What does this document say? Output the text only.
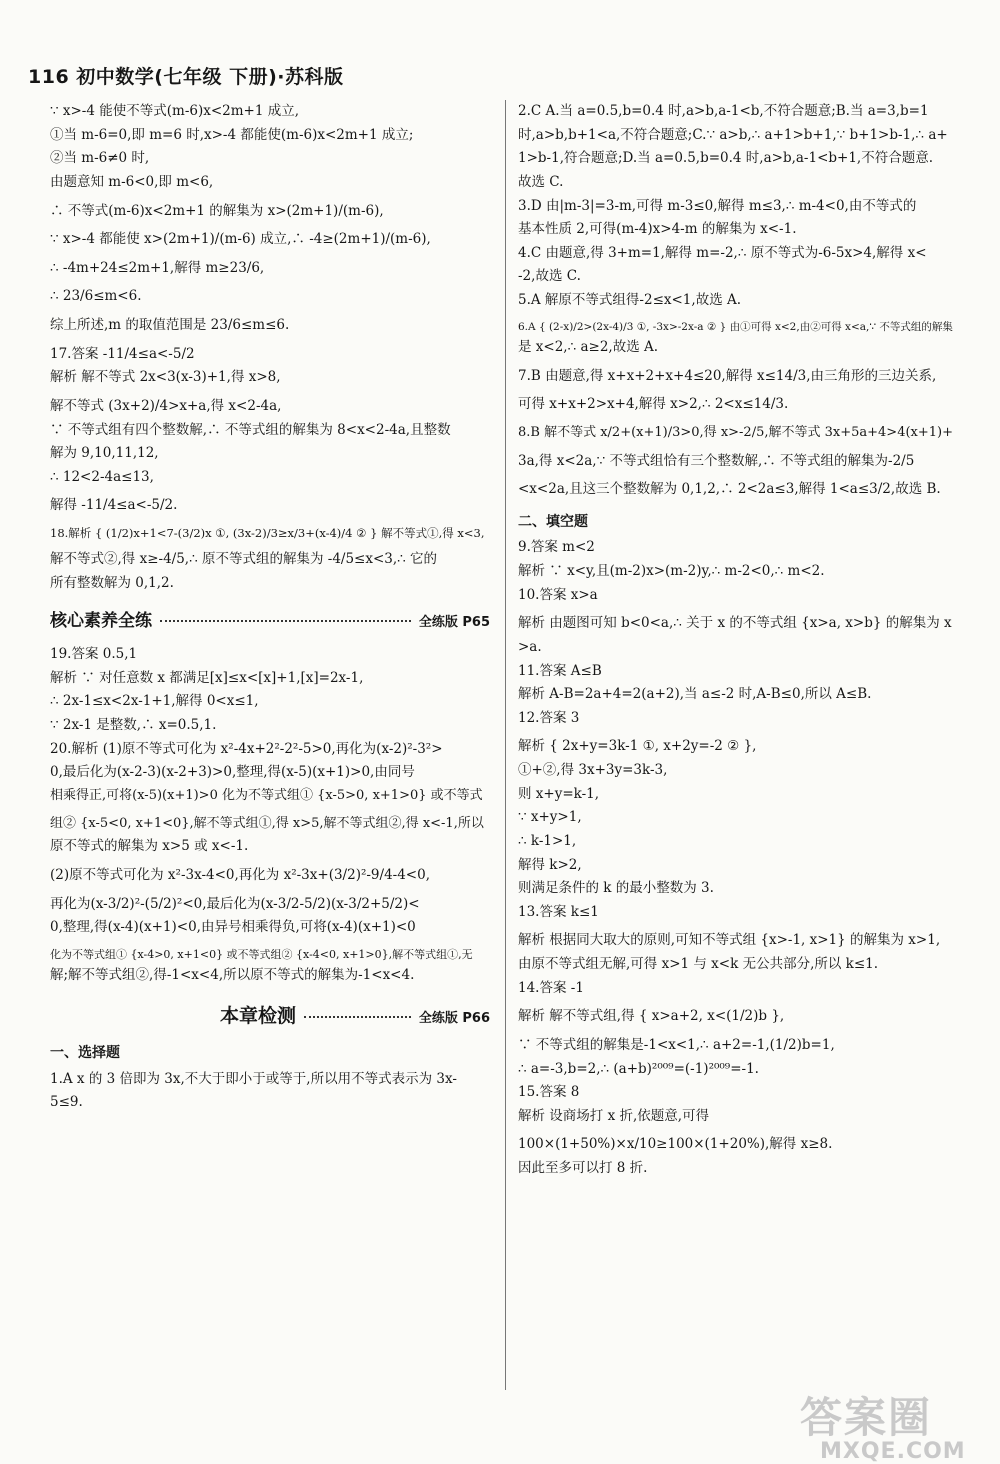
116 初中数学(七年级 下册)·苏科版
∵ x>-4 能使不等式(m-6)x<2m+1 成立,
①当 m-6=0,即 m=6 时,x>-4 都能使(m-6)x<2m+1 成立;
②当 m-6≠0 时,
由题意知 m-6<0,即 m<6,
∴ 不等式(m-6)x<2m+1 的解集为 x>(2m+1)/(m-6),
∵ x>-4 都能使 x>(2m+1)/(m-6) 成立,∴ -4≥(2m+1)/(m-6),
∴ -4m+24≤2m+1,解得 m≥23/6,
∴ 23/6≤m<6.
综上所述,m 的取值范围是 23/6≤m≤6.
17.答案 -11/4≤a<-5/2
解析 解不等式 2x<3(x-3)+1,得 x>8,
解不等式 (3x+2)/4>x+a,得 x<2-4a,
∵ 不等式组有四个整数解,∴ 不等式组的解集为 8<x<2-4a,且整数
解为 9,10,11,12,
∴ 12<2-4a≤13,
解得 -11/4≤a<-5/2.
18.解析 { (1/2)x+1<7-(3/2)x ①, (3x-2)/3≥x/3+(x-4)/4 ② } 解不等式①,得 x<3,
解不等式②,得 x≥-4/5,∴ 原不等式组的解集为 -4/5≤x<3,∴ 它的
所有整数解为 0,1,2.
核心素养全练	全练版 P65
19.答案 0.5,1
解析 ∵ 对任意数 x 都满足[x]≤x<[x]+1,[x]=2x-1,
∴ 2x-1≤x<2x-1+1,解得 0<x≤1,
∵ 2x-1 是整数,∴ x=0.5,1.
20.解析 (1)原不等式可化为 x²-4x+2²-2²-5>0,再化为(x-2)²-3²>
0,最后化为(x-2-3)(x-2+3)>0,整理,得(x-5)(x+1)>0,由同号
相乘得正,可将(x-5)(x+1)>0 化为不等式组① {x-5>0, x+1>0} 或不等式
组② {x-5<0, x+1<0},解不等式组①,得 x>5,解不等式组②,得 x<-1,所以
原不等式的解集为 x>5 或 x<-1.
(2)原不等式可化为 x²-3x-4<0,再化为 x²-3x+(3/2)²-9/4-4<0,
再化为(x-3/2)²-(5/2)²<0,最后化为(x-3/2-5/2)(x-3/2+5/2)<
0,整理,得(x-4)(x+1)<0,由异号相乘得负,可将(x-4)(x+1)<0
化为不等式组① {x-4>0, x+1<0} 或不等式组② {x-4<0, x+1>0},解不等式组①,无
解;解不等式组②,得-1<x<4,所以原不等式的解集为-1<x<4.
本章检测	全练版 P66
一、选择题
1.A x 的 3 倍即为 3x,不大于即小于或等于,所以用不等式表示为 3x-
5≤9.
2.C A.当 a=0.5,b=0.4 时,a>b,a-1<b,不符合题意;B.当 a=3,b=1
时,a>b,b+1<a,不符合题意;C.∵ a>b,∴ a+1>b+1,∵ b+1>b-1,∴ a+
1>b-1,符合题意;D.当 a=0.5,b=0.4 时,a>b,a-1<b+1,不符合题意.
故选 C.
3.D 由|m-3|=3-m,可得 m-3≤0,解得 m≤3,∴ m-4<0,由不等式的
基本性质 2,可得(m-4)x>4-m 的解集为 x<-1.
4.C 由题意,得 3+m=1,解得 m=-2,∴ 原不等式为-6-5x>4,解得 x<
-2,故选 C.
5.A 解原不等式组得-2≤x<1,故选 A.
6.A { (2-x)/2>(2x-4)/3 ①, -3x>-2x-a ② } 由①可得 x<2,由②可得 x<a,∵ 不等式组的解集
是 x<2,∴ a≥2,故选 A.
7.B 由题意,得 x+x+2+x+4≤20,解得 x≤14/3,由三角形的三边关系,
可得 x+x+2>x+4,解得 x>2,∴ 2<x≤14/3.
8.B 解不等式 x/2+(x+1)/3>0,得 x>-2/5,解不等式 3x+5a+4>4(x+1)+
3a,得 x<2a,∵ 不等式组恰有三个整数解,∴ 不等式组的解集为-2/5
<x<2a,且这三个整数解为 0,1,2,∴ 2<2a≤3,解得 1<a≤3/2,故选 B.
二、填空题
9.答案 m<2
解析 ∵ x<y,且(m-2)x>(m-2)y,∴ m-2<0,∴ m<2.
10.答案 x>a
解析 由题图可知 b<0<a,∴ 关于 x 的不等式组 {x>a, x>b} 的解集为 x
>a.
11.答案 A≤B
解析 A-B=2a+4=2(a+2),当 a≤-2 时,A-B≤0,所以 A≤B.
12.答案 3
解析 { 2x+y=3k-1 ①, x+2y=-2 ② },
①+②,得 3x+3y=3k-3,
则 x+y=k-1,
∵ x+y>1,
∴ k-1>1,
解得 k>2,
则满足条件的 k 的最小整数为 3.
13.答案 k≤1
解析 根据同大取大的原则,可知不等式组 {x>-1, x>1} 的解集为 x>1,
由原不等式组无解,可得 x>1 与 x<k 无公共部分,所以 k≤1.
14.答案 -1
解析 解不等式组,得 { x>a+2, x<(1/2)b },
∵ 不等式组的解集是-1<x<1,∴ a+2=-1,(1/2)b=1,
∴ a=-3,b=2,∴ (a+b)²⁰⁰⁹=(-1)²⁰⁰⁹=-1.
15.答案 8
解析 设商场打 x 折,依题意,可得
100×(1+50%)×x/10≥100×(1+20%),解得 x≥8.
因此至多可以打 8 折.
答案圈
MXQE.COM
